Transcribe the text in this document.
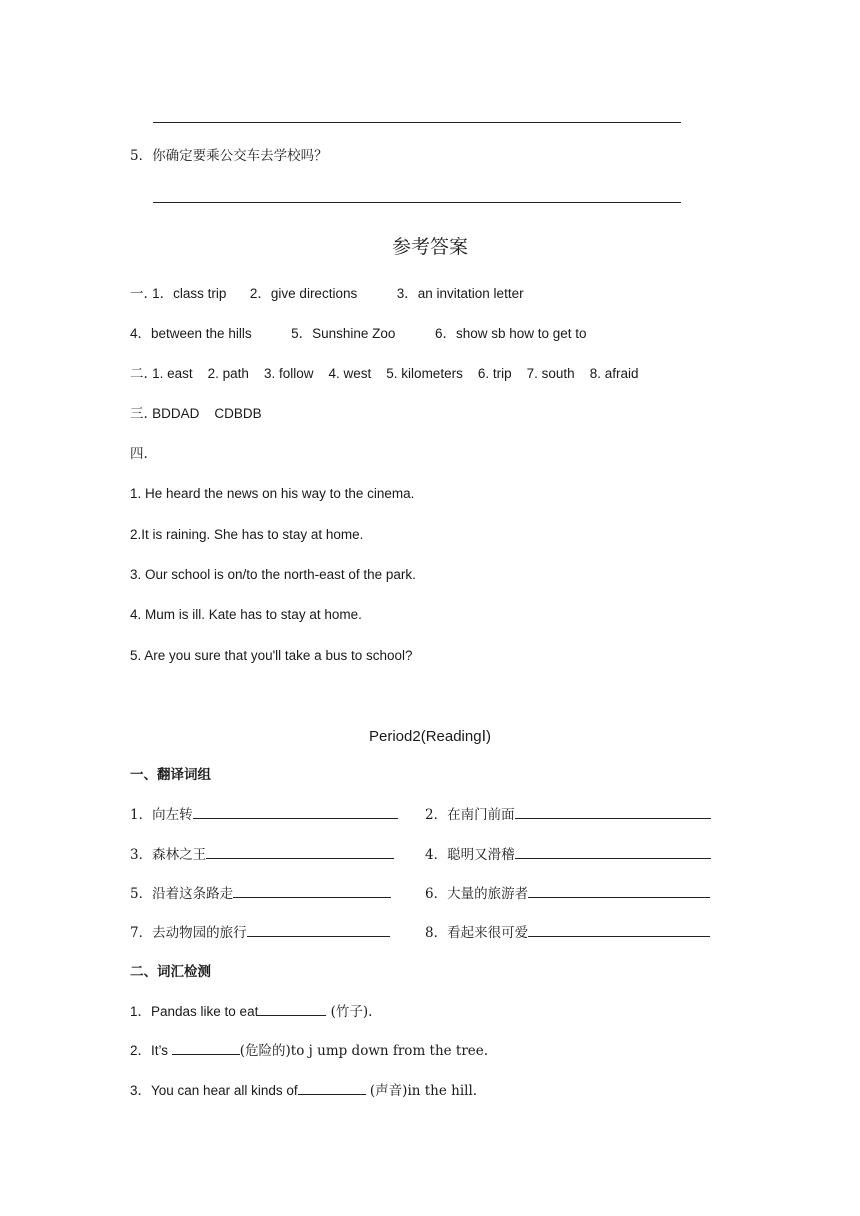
5．你确定要乘公交车去学校吗？
参考答案
一. 1．class trip 2．give directions	3．an invitation letter
4．between the hills	5．Sunshine Zoo	6．show sb how to get to
二. 1. east 2. path 3. follow 4. west 5. kilometers 6. trip 7. south 8. afraid
三. BDDAD    CDBDB
四.
1. He heard the news on his way to the cinema.
2.It is raining. She has to stay at home.
3. Our school is on/to the north-east of the park.
4. Mum is ill. Kate has to stay at home.
5. Are you sure that you'll take a bus to school?
Period2(ReadingⅠ)
一、翻译词组
1．向左转	2．在南门前面
3．森林之王	4．聪明又滑稽
5．沿着这条路走	6．大量的旅游者
7．去动物园的旅行	8．看起来很可爱
二、词汇检测
1．Pandas like to eat	(竹子).
2．It’s	(危险的)to j ump down from the tree.
3．You can hear all kinds of	(声音)in the hill.
